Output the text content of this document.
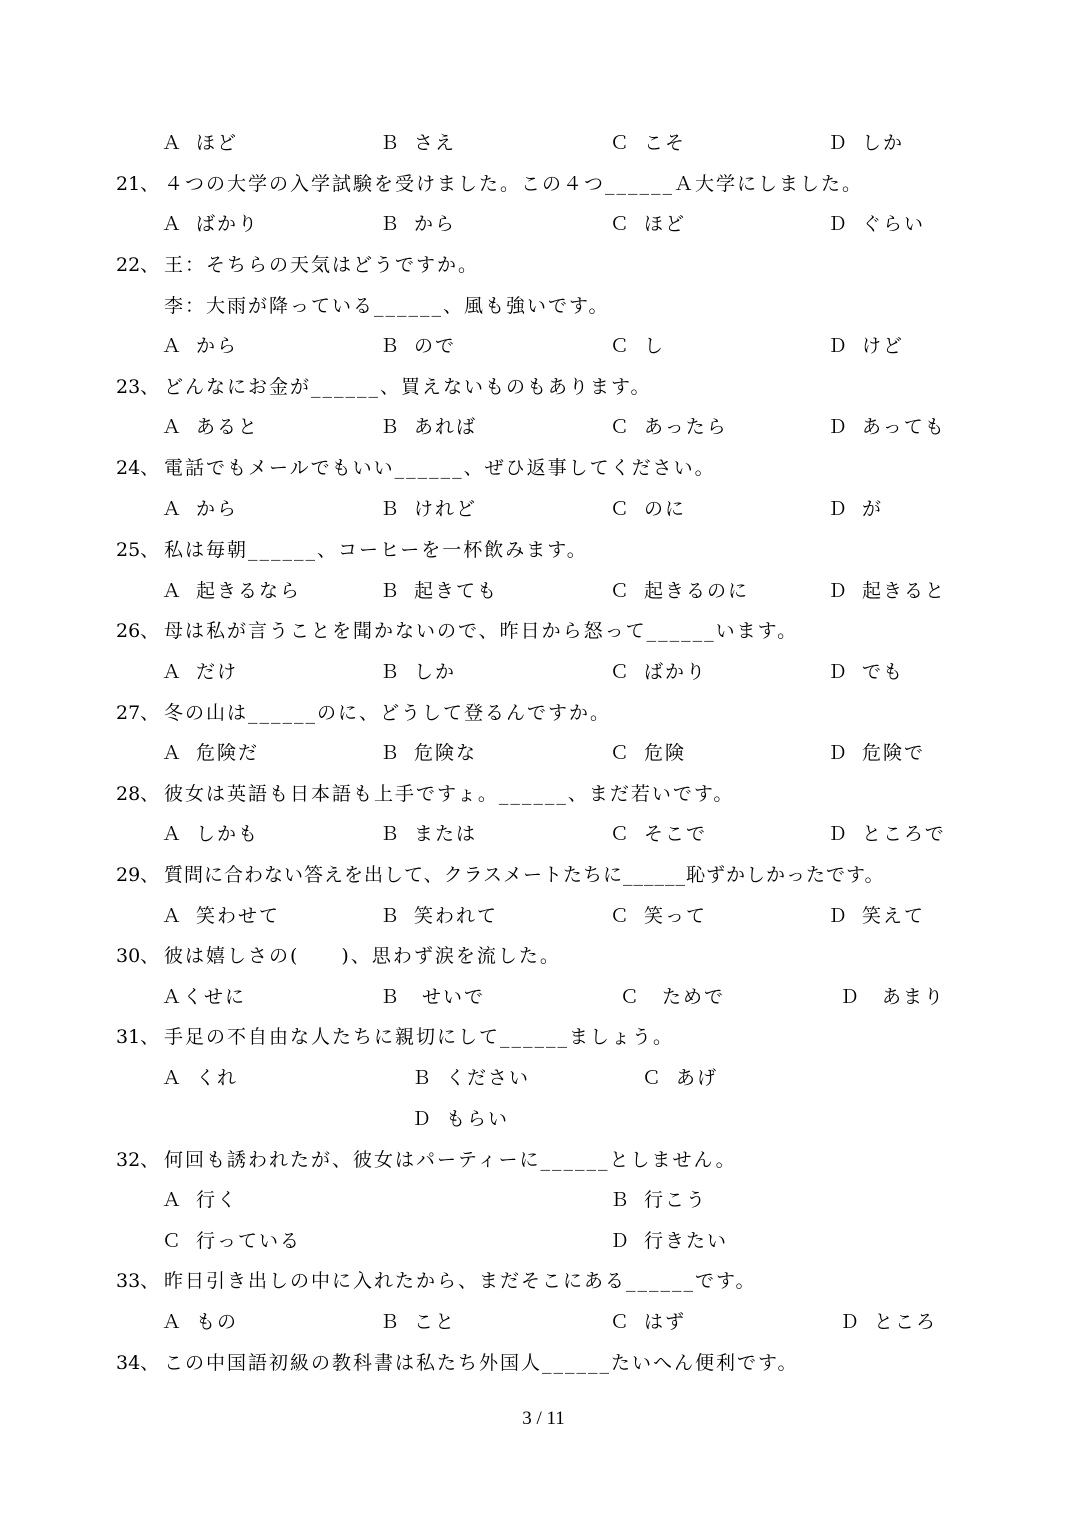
Ａ ほど	Ｂ さえ	Ｃ こそ	Ｄ しか
21、 ４つの大学の入学試験を受けました。この４つ______Ａ大学にしました。
Ａ ばかり	Ｂ から	Ｃ ほど	Ｄ ぐらい
22、 王：そちらの天気はどうですか。
李：大雨が降っている______、風も強いです。
Ａ から	Ｂ ので	Ｃ し	Ｄ けど
23、 どんなにお金が______、買えないものもあります。
Ａ あると	Ｂ あれば	Ｃ あったら	Ｄ あっても
24、 電話でもメールでもいい______、ぜひ返事してください。
Ａ から	Ｂ けれど	Ｃ のに	Ｄ が
25、 私は毎朝______、コーヒーを一杯飲みます。
Ａ 起きるなら	Ｂ 起きても	Ｃ 起きるのに	Ｄ 起きると
26、 母は私が言うことを聞かないので、昨日から怒って______います。
Ａ だけ	Ｂ しか	Ｃ ばかり	Ｄ でも
27、 冬の山は______のに、どうして登るんですか。
Ａ 危険だ	Ｂ 危険な	Ｃ 危険	Ｄ 危険で
28、 彼女は英語も日本語も上手ですょ。______、まだ若いです。
Ａ しかも	Ｂ または	Ｃ そこで	Ｄ ところで
29、 質問に合わない答えを出して、クラスメートたちに______恥ずかしかったです。
Ａ 笑わせて	Ｂ 笑われて	Ｃ 笑って	Ｄ 笑えて
30、 彼は嬉しさの(　　)、思わず涙を流した。
Ａくせに	Ｂ　せいで	Ｃ　ためで	Ｄ　あまり
31、 手足の不自由な人たちに親切にして______ましょう。
Ａ くれ	Ｂ ください	Ｃ あげ
Ｄ もらい
32、 何回も誘われたが、彼女はパーティーに______としません。
Ａ 行く	Ｂ 行こう
Ｃ 行っている	Ｄ 行きたい
33、 昨日引き出しの中に入れたから、まだそこにある______です。
Ａ もの	Ｂ こと	Ｃ はず	Ｄ ところ
34、 この中国語初級の教科書は私たち外国人______たいへん便利です。
3 / 11
